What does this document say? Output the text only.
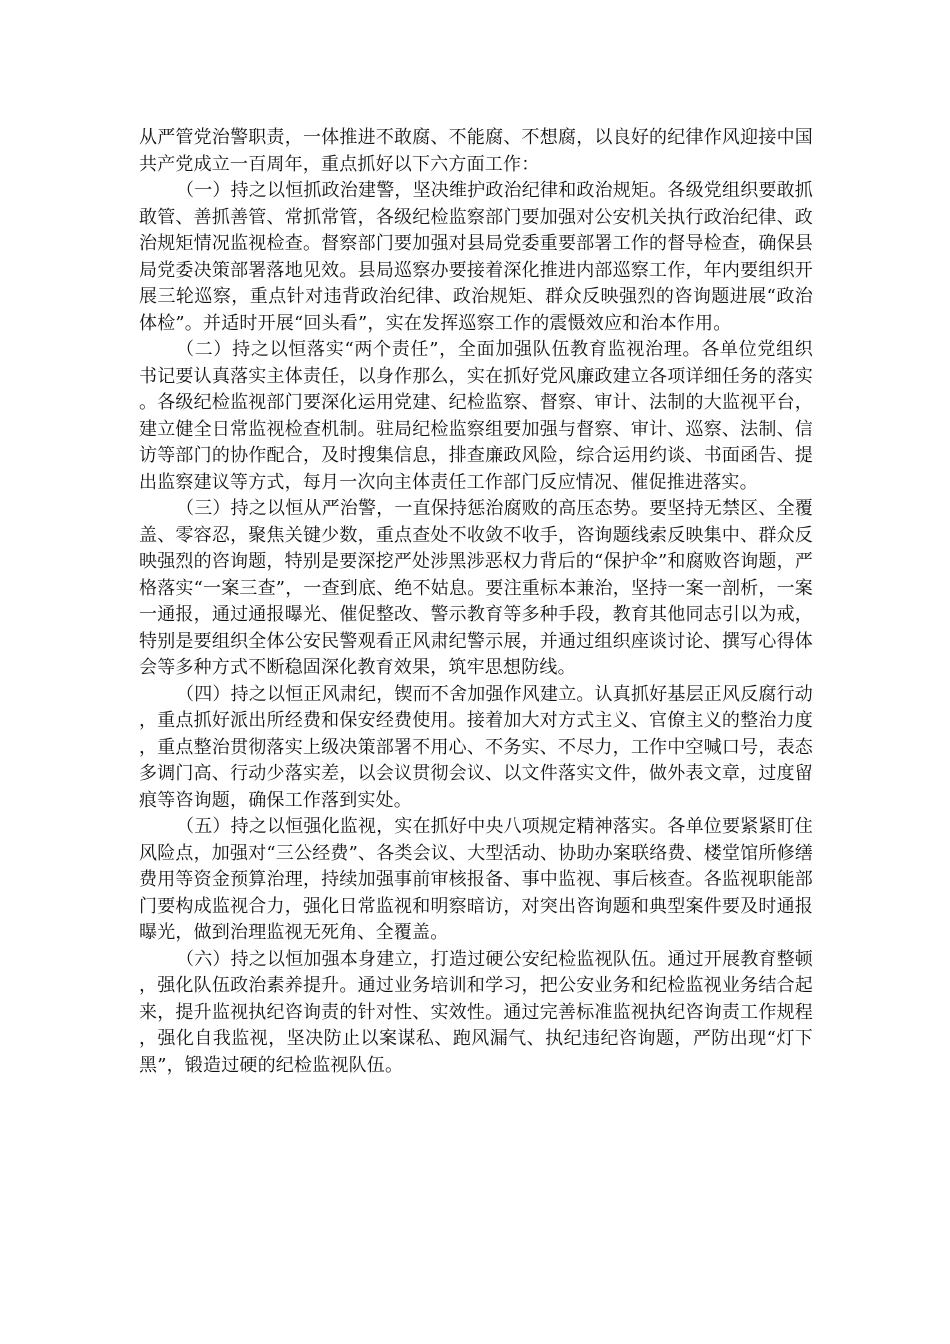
从严管党治警职责，一体推进不敢腐、不能腐、不想腐，以良好的纪律作风迎接中国共产党成立一百周年，重点抓好以下六方面工作：

（一）持之以恒抓政治建警，坚决维护政治纪律和政治规矩。各级党组织要敢抓敢管、善抓善管、常抓常管，各级纪检监察部门要加强对公安机关执行政治纪律、政治规矩情况监视检查。督察部门要加强对县局党委重要部署工作的督导检查，确保县局党委决策部署落地见效。县局巡察办要接着深化推进内部巡察工作，年内要组织开展三轮巡察，重点针对违背政治纪律、政治规矩、群众反映强烈的咨询题进展“政治体检”。并适时开展“回头看”，实在发挥巡察工作的震慑效应和治本作用。

（二）持之以恒落实“两个责任”，全面加强队伍教育监视治理。各单位党组织书记要认真落实主体责任，以身作那么，实在抓好党风廉政建立各项详细任务的落实。各级纪检监视部门要深化运用党建、纪检监察、督察、审计、法制的大监视平台，建立健全日常监视检查机制。驻局纪检监察组要加强与督察、审计、巡察、法制、信访等部门的协作配合，及时搜集信息，排查廉政风险，综合运用约谈、书面函告、提出监察建议等方式，每月一次向主体责任工作部门反应情况、催促推进落实。

（三）持之以恒从严治警，一直保持惩治腐败的高压态势。要坚持无禁区、全覆盖、零容忍，聚焦关键少数，重点查处不收敛不收手，咨询题线索反映集中、群众反映强烈的咨询题，特别是要深挖严处涉黑涉恶权力背后的“保护伞”和腐败咨询题，严格落实“一案三查”，一查到底、绝不姑息。要注重标本兼治，坚持一案一剖析，一案一通报，通过通报曝光、催促整改、警示教育等多种手段，教育其他同志引以为戒，特别是要组织全体公安民警观看正风肃纪警示展，并通过组织座谈讨论、撰写心得体会等多种方式不断稳固深化教育效果，筑牢思想防线。

（四）持之以恒正风肃纪，锲而不舍加强作风建立。认真抓好基层正风反腐行动，重点抓好派出所经费和保安经费使用。接着加大对方式主义、官僚主义的整治力度，重点整治贯彻落实上级决策部署不用心、不务实、不尽力，工作中空喊口号，表态多调门高、行动少落实差，以会议贯彻会议、以文件落实文件，做外表文章，过度留痕等咨询题，确保工作落到实处。

（五）持之以恒强化监视，实在抓好中央八项规定精神落实。各单位要紧紧盯住风险点，加强对“三公经费”、各类会议、大型活动、协助办案联络费、楼堂馆所修缮费用等资金预算治理，持续加强事前审核报备、事中监视、事后核查。各监视职能部门要构成监视合力，强化日常监视和明察暗访，对突出咨询题和典型案件要及时通报曝光，做到治理监视无死角、全覆盖。

（六）持之以恒加强本身建立，打造过硬公安纪检监视队伍。通过开展教育整顿，强化队伍政治素养提升。通过业务培训和学习，把公安业务和纪检监视业务结合起来，提升监视执纪咨询责的针对性、实效性。通过完善标准监视执纪咨询责工作规程，强化自我监视，坚决防止以案谋私、跑风漏气、执纪违纪咨询题，严防出现“灯下黑”，锻造过硬的纪检监视队伍。
